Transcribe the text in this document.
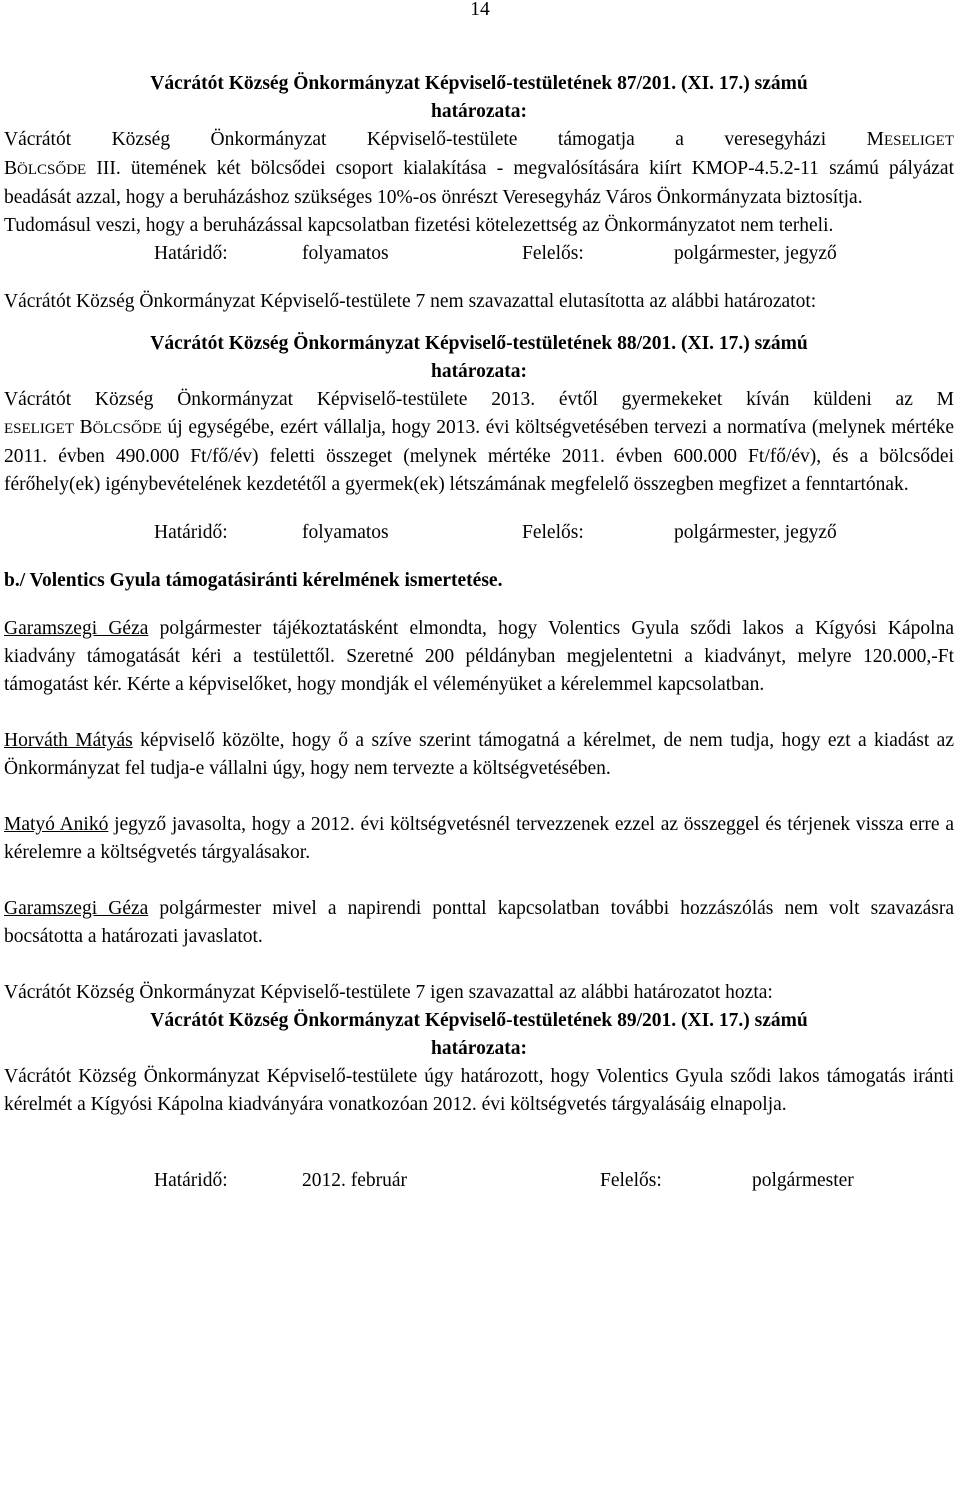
14

Vácrátót Község Önkormányzat Képviselő-testületének 87/201. (XI. 17.) számú

határozata:

Vácrátót Község Önkormányzat Képviselő-testülete támogatja a veresegyházi MESELIGET

BÖLCSŐDE III. ütemének két bölcsődei csoport kialakítása - megvalósítására kiírt KMOP-4.5.2-11 számú pályázat beadását azzal, hogy a beruházáshoz szükséges 10%-os önrészt Veresegyház Város Önkormányzata biztosítja.

Tudomásul veszi, hogy a beruházással kapcsolatban fizetési kötelezettség az Önkormányzatot nem terheli.

Határidő:	folyamatos	Felelős:	polgármester, jegyző

Vácrátót Község Önkormányzat Képviselő-testülete 7 nem szavazattal elutasította az alábbi határozatot:

Vácrátót Község Önkormányzat Képviselő-testületének 88/201. (XI. 17.) számú

határozata:

Vácrátót Község Önkormányzat Képviselő-testülete 2013. évtől gyermekeket kíván küldeni az M

ESELIGET BÖLCSŐDE új egységébe, ezért vállalja, hogy 2013. évi költségvetésében tervezi a normatíva (melynek mértéke 2011. évben 490.000 Ft/fő/év) feletti összeget (melynek mértéke 2011. évben 600.000 Ft/fő/év), és a bölcsődei férőhely(ek) igénybevételének kezdetétől a gyermek(ek) létszámának megfelelő összegben megfizet a fenntartónak.

Határidő:	folyamatos	Felelős:	polgármester, jegyző

b./ Volentics Gyula támogatásiránti kérelmének ismertetése.

Garamszegi Géza polgármester tájékoztatásként elmondta, hogy Volentics Gyula sződi lakos a Kígyósi Kápolna kiadvány támogatását kéri a testülettől. Szeretné 200 példányban megjelentetni a kiadványt, melyre 120.000,-Ft támogatást kér. Kérte a képviselőket, hogy mondják el véleményüket a kérelemmel kapcsolatban.

Horváth Mátyás képviselő közölte, hogy ő a szíve szerint támogatná a kérelmet, de nem tudja, hogy ezt a kiadást az Önkormányzat fel tudja-e vállalni úgy, hogy nem tervezte a költségvetésében.

Matyó Anikó jegyző javasolta, hogy a 2012. évi költségvetésnél tervezzenek ezzel az összeggel és térjenek vissza erre a kérelemre a költségvetés tárgyalásakor.

Garamszegi Géza polgármester mivel a napirendi ponttal kapcsolatban további hozzászólás nem volt szavazásra bocsátotta a határozati javaslatot.

Vácrátót Község Önkormányzat Képviselő-testülete 7 igen szavazattal az alábbi határozatot hozta:

Vácrátót Község Önkormányzat Képviselő-testületének 89/201. (XI. 17.) számú

határozata:

Vácrátót Község Önkormányzat Képviselő-testülete úgy határozott, hogy Volentics Gyula sződi lakos támogatás iránti kérelmét a Kígyósi Kápolna kiadványára vonatkozóan 2012. évi költségvetés tárgyalásáig elnapolja.

Határidő:	2012. február	Felelős:	polgármester
